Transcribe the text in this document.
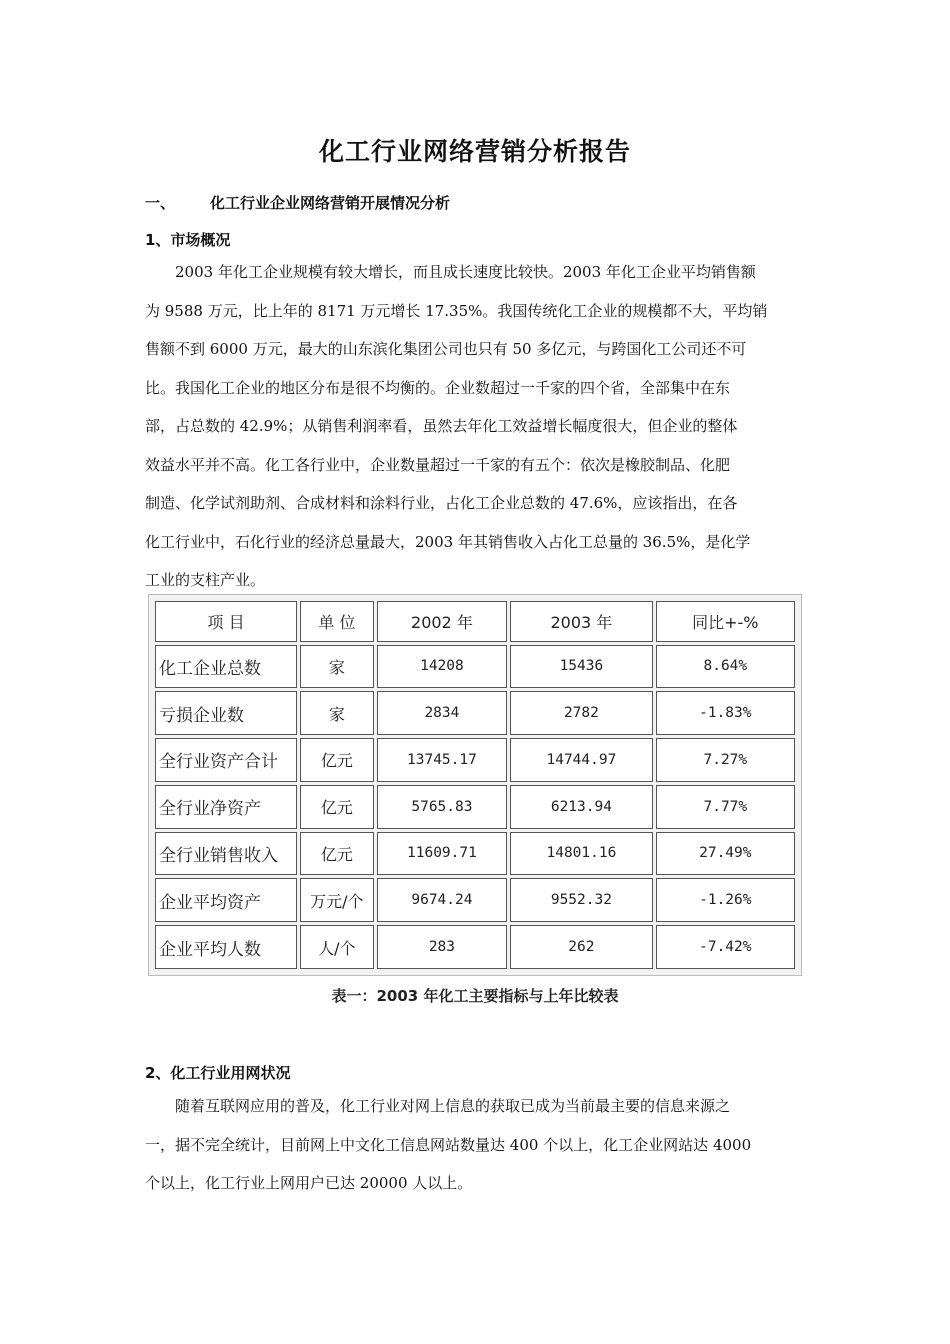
化工行业网络营销分析报告
一、 化工行业企业网络营销开展情况分析
1、市场概况
2003 年化工企业规模有较大增长，而且成长速度比较快。2003 年化工企业平均销售额
为 9588 万元，比上年的 8171 万元增长 17.35%。我国传统化工企业的规模都不大，平均销
售额不到 6000 万元，最大的山东滨化集团公司也只有 50 多亿元，与跨国化工公司还不可
比。我国化工企业的地区分布是很不均衡的。企业数超过一千家的四个省，全部集中在东
部，占总数的 42.9%；从销售利润率看，虽然去年化工效益增长幅度很大，但企业的整体
效益水平并不高。化工各行业中，企业数量超过一千家的有五个：依次是橡胶制品、化肥
制造、化学试剂助剂、合成材料和涂料行业，占化工企业总数的 47.6%，应该指出，在各
化工行业中，石化行业的经济总量最大，2003 年其销售收入占化工总量的 36.5%，是化学
工业的支柱产业。
项 目	单 位	2002 年	2003 年	同比+-%
化工企业总数	家	14208	15436	8.64%
亏损企业数	家	2834	2782	-1.83%
全行业资产合计	亿元	13745.17	14744.97	7.27%
全行业净资产	亿元	5765.83	6213.94	7.77%
全行业销售收入	亿元	11609.71	14801.16	27.49%
企业平均资产	万元/个	9674.24	9552.32	-1.26%
企业平均人数	人/个	283	262	-7.42%
表一：2003 年化工主要指标与上年比较表
2、化工行业用网状况
随着互联网应用的普及，化工行业对网上信息的获取已成为当前最主要的信息来源之
一，据不完全统计，目前网上中文化工信息网站数量达 400 个以上，化工企业网站达 4000
个以上，化工行业上网用户已达 20000 人以上。
